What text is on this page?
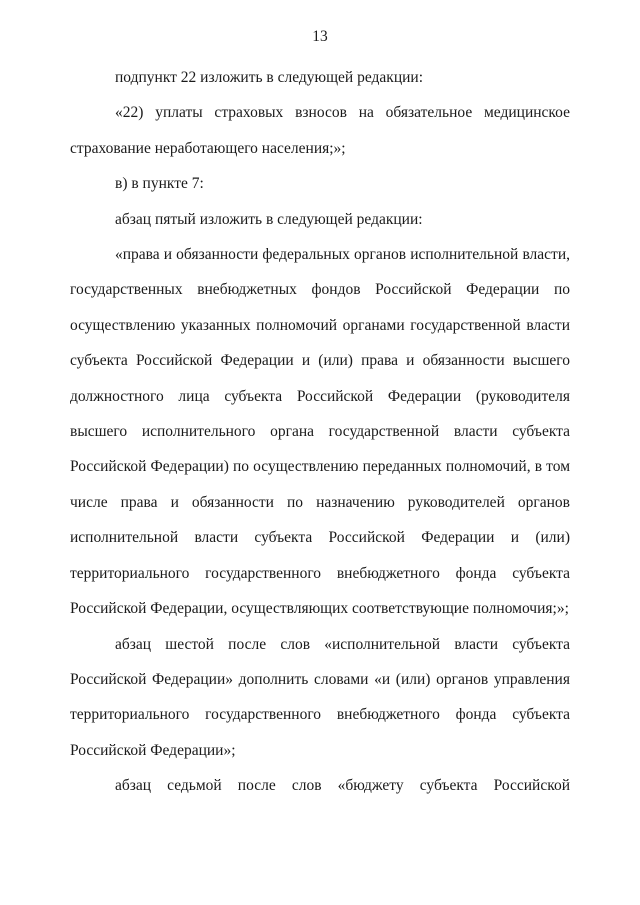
13

подпункт 22 изложить в следующей редакции:

«22) уплаты страховых взносов на обязательное медицинское
страхование неработающего населения;»;

в) в пункте 7:

абзац пятый изложить в следующей редакции:

«права и обязанности федеральных органов исполнительной власти,
государственных внебюджетных фондов Российской Федерации по
осуществлению указанных полномочий органами государственной власти
субъекта Российской Федерации и (или) права и обязанности высшего
должностного лица субъекта Российской Федерации (руководителя
высшего исполнительного органа государственной власти субъекта
Российской Федерации) по осуществлению переданных полномочий, в том
числе права и обязанности по назначению руководителей органов
исполнительной власти субъекта Российской Федерации и (или)
территориального государственного внебюджетного фонда субъекта
Российской Федерации, осуществляющих соответствующие полномочия;»;

абзац шестой после слов «исполнительной власти субъекта
Российской Федерации» дополнить словами «и (или) органов управления
территориального государственного внебюджетного фонда субъекта
Российской Федерации»;

абзац седьмой после слов «бюджету субъекта Российской
